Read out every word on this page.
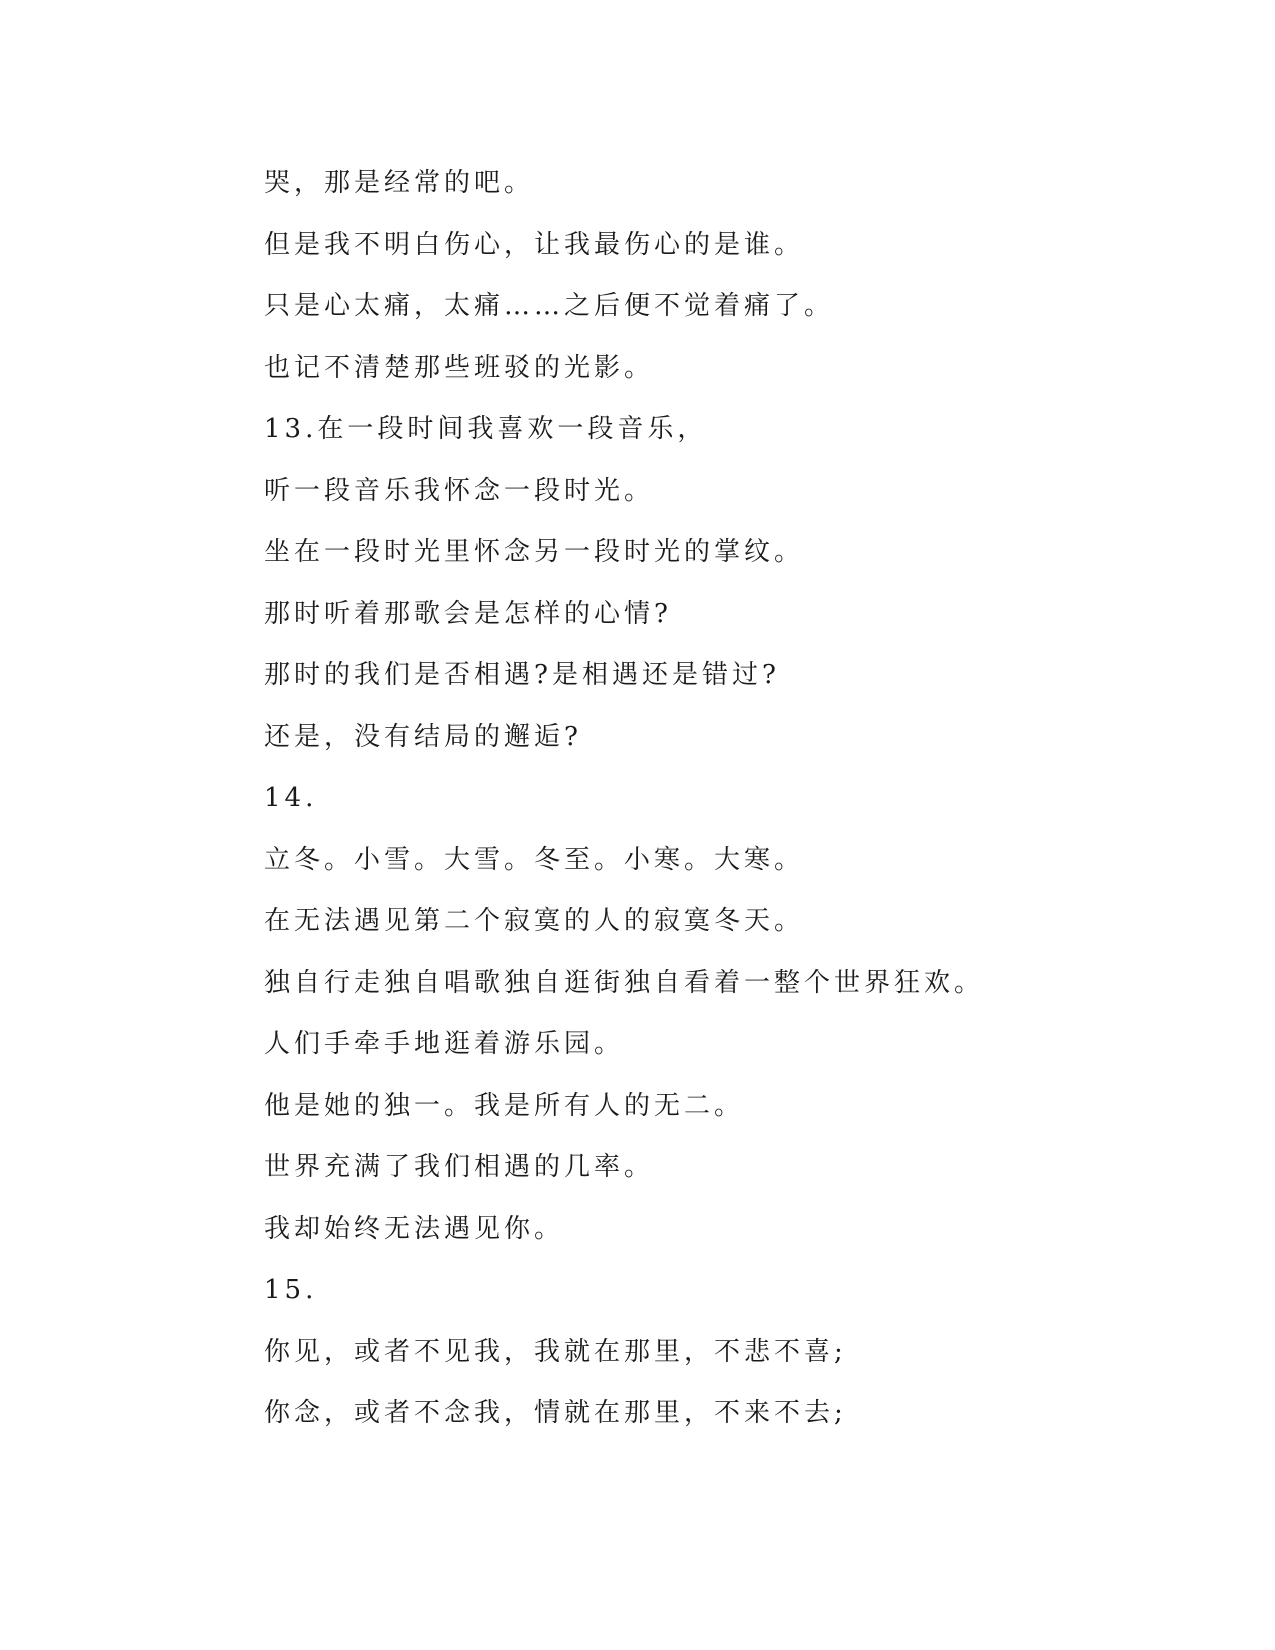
哭，那是经常的吧。
但是我不明白伤心，让我最伤心的是谁。
只是心太痛，太痛……之后便不觉着痛了。
也记不清楚那些班驳的光影。
13.在一段时间我喜欢一段音乐，
听一段音乐我怀念一段时光。
坐在一段时光里怀念另一段时光的掌纹。
那时听着那歌会是怎样的心情?
那时的我们是否相遇?是相遇还是错过?
还是，没有结局的邂逅?
14.
立冬。小雪。大雪。冬至。小寒。大寒。
在无法遇见第二个寂寞的人的寂寞冬天。
独自行走独自唱歌独自逛街独自看着一整个世界狂欢。
人们手牵手地逛着游乐园。
他是她的独一。我是所有人的无二。
世界充满了我们相遇的几率。
我却始终无法遇见你。
15.
你见，或者不见我，我就在那里，不悲不喜;
你念，或者不念我，情就在那里，不来不去;
